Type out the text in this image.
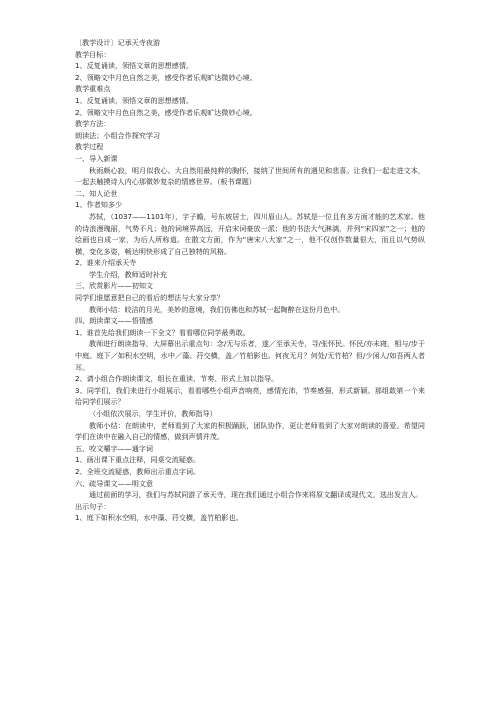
〔教学设计〕记承天寺夜游
教学目标：
1、反复诵读，领悟文章的思想感情。
2、领略文中月色自然之美，感受作者乐观旷达微妙心境。
教学重难点
1、反复诵读，领悟文章的思想感情。
2、领略文中月色自然之美，感受作者乐观旷达微妙心境。
教学方法：
朗读法；小组合作探究学习
教学过程
一、导入新课
秋雨颇心寂，明月似我心。大自然用最纯粹的胸怀，接纳了世间所有的遇见和悲喜。让我们一起走进文本，一起去触摸诗人内心那微妙复杂的情感世界。（板书课题）
二、知人论世
1、作者知多少
苏轼，（1037——1101年），字子瞻，号东坡居士，四川眉山人。苏轼是一位且有多方面才能的艺术家。他的诗浪漫瑰丽，气势不凡；他的词境界高远，开启宋词豪放一派；他的书法大气淋漓，并列“宋四家”之一；他的绘画也自成一家，为后人所称道。在散文方面，作为“唐宋八大家”之一，他不仅创作数量很大，而且以气势纵横，变化多姿，畅达明快形成了自己独特的风格。
2、谁来介绍承天寺
学生介绍，教师适时补充
三、欣赏影片——初知文
同学们谁愿意把自己的看后的想法与大家分享？
教师小结：皎洁的月光，美妙的意境，我们仿佛也和苏轼一起陶醉在这份月色中。
四、朗读课文——悟情感
1、谁首先给我们朗读一下全文？看看哪位同学最勇敢。
教师进行朗读指导，大屏幕出示重点句：念/无与乐者，遂／至承天寺，寻/张怀民。怀民/亦未寝，相与/步于中庭。庭下／如积水空明，水中／藻、荇交横，盖／竹柏影也。何夜无月？何处/无竹柏？但/少闲人/如吾两人者耳。
2、请小组合作朗读课文，组长在重读、节奏、形式上加以指导。
3、同学们，我们来进行小组展示，看看哪些小组声音响亮，感情充沛，节奏感强，形式新颖。那组敢第一个来给同学们展示？
（小组依次展示，学生评价，教师指导）
教师小结：在朗读中，老师看到了大家的积极踊跃，团队协作，更让老师看到了大家对朗读的喜爱。希望同学们在读中在融入自己的情感，做到声情并茂。
五、咬文嚼字——通字词
1、画出课下重点注释，同桌交流疑惑。
2、全班交流疑惑，教师出示重点字词。
六、疏导课文——明文意
通过前面的学习，我们与苏轼同游了承天寺，现在我们通过小组合作来将原文翻译成现代文，选出发言人。
出示句子：
1、庭下如积水空明，水中藻、荇交横，盖竹柏影也。
